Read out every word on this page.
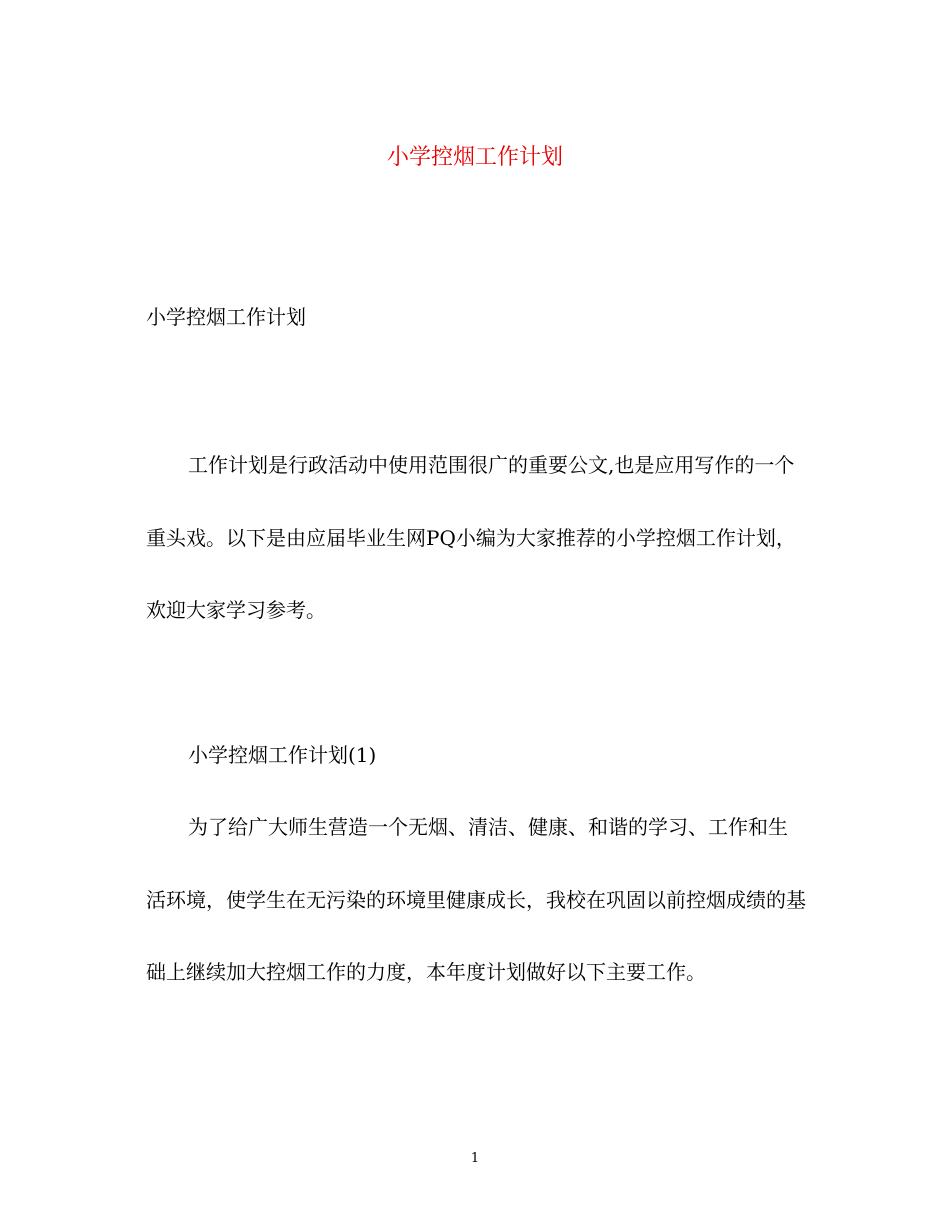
小学控烟工作计划
小学控烟工作计划

工作计划是行政活动中使用范围很广的重要公文,也是应用写作的一个重头戏。以下是由应届毕业生网PQ小编为大家推荐的小学控烟工作计划，欢迎大家学习参考。

小学控烟工作计划(1)

为了给广大师生营造一个无烟、清洁、健康、和谐的学习、工作和生活环境，使学生在无污染的环境里健康成长，我校在巩固以前控烟成绩的基础上继续加大控烟工作的力度，本年度计划做好以下主要工作。

1
